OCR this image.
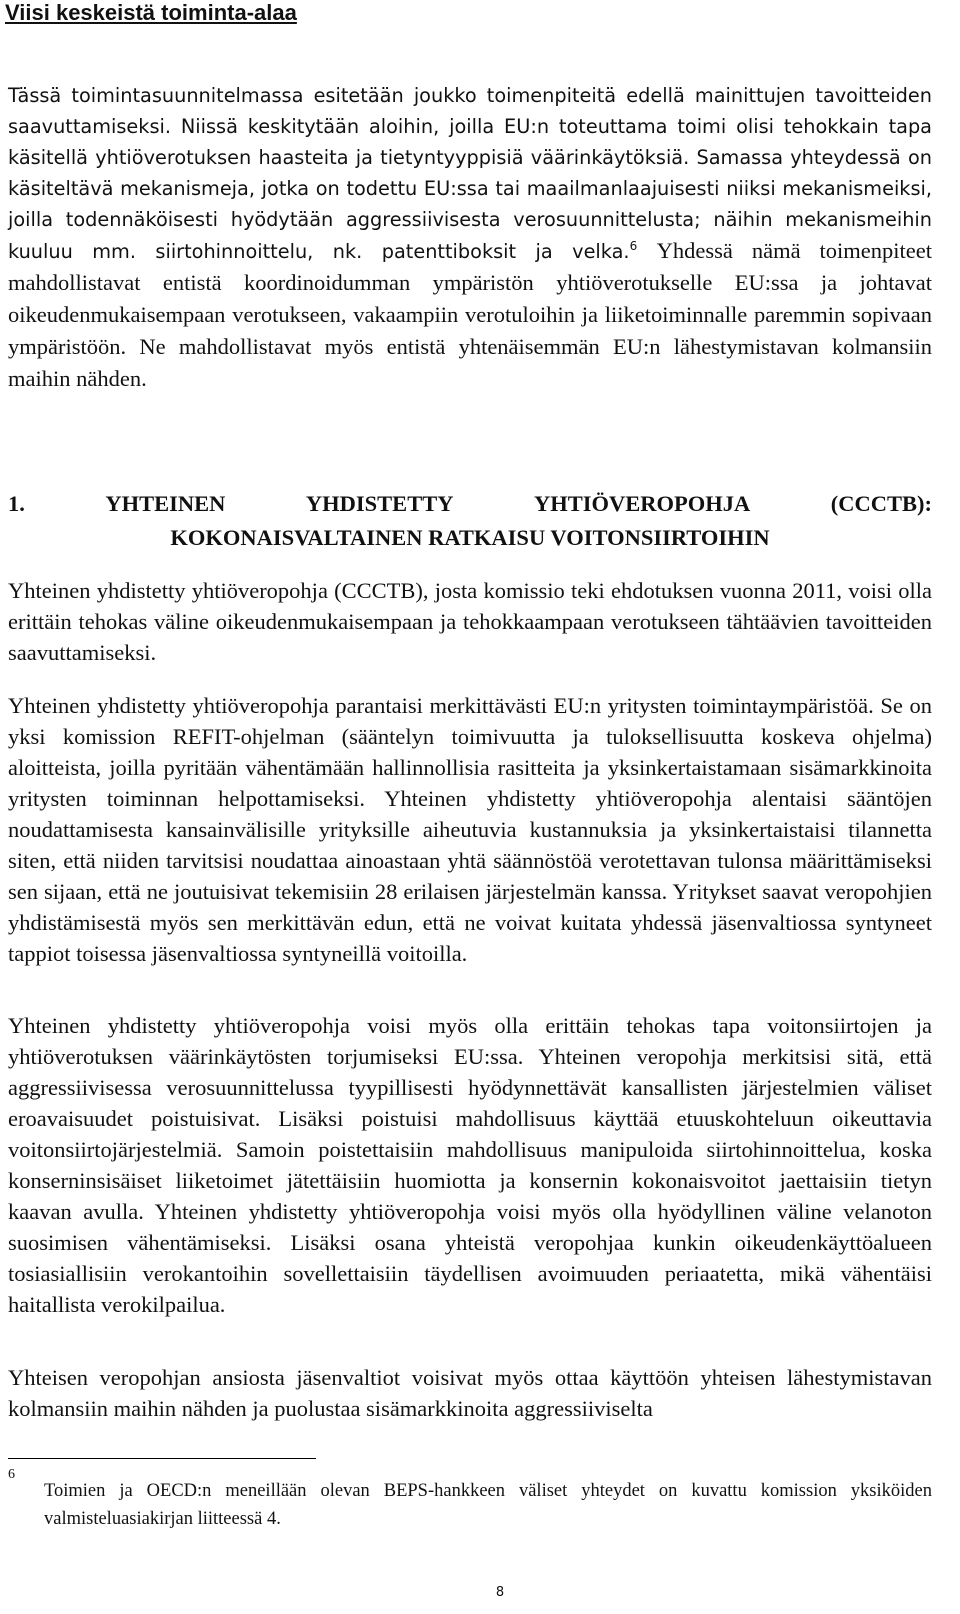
Viisi keskeistä toiminta-alaa

Tässä toimintasuunnitelmassa esitetään joukko toimenpiteitä edellä mainittujen tavoitteiden saavuttamiseksi. Niissä keskitytään aloihin, joilla EU:n toteuttama toimi olisi tehokkain tapa käsitellä yhtiöverotuksen haasteita ja tietyntyyppisiä väärinkäytöksiä. Samassa yhteydessä on käsiteltävä mekanismeja, jotka on todettu EU:ssa tai maailmanlaajuisesti niiksi mekanismeiksi, joilla todennäköisesti hyödytään aggressiivisesta verosuunnittelusta; näihin mekanismeihin kuuluu mm. siirtohinnoittelu, nk. patenttiboksit ja velka.$^6$ Yhdessä nämä toimenpiteet mahdollistavat entistä koordinoidumman ympäristön yhtiöverotukselle EU:ssa ja johtavat oikeudenmukaisempaan verotukseen, vakaampiin verotuloihin ja liiketoiminnalle paremmin sopivaan ympäristöön. Ne mahdollistavat myös entistä yhtenäisemmän EU:n lähestymistavan kolmansiin maihin nähden.

1.	YHTEINEN	YHDISTETTY	YHTIÖVEROPOHJA	(CCCTB):
KOKONAISVALTAINEN RATKAISU VOITONSIIRTOIHIN

Yhteinen yhdistetty yhtiöveropohja (CCCTB), josta komissio teki ehdotuksen vuonna 2011, voisi olla erittäin tehokas väline oikeudenmukaisempaan ja tehokkaampaan verotukseen tähtäävien tavoitteiden saavuttamiseksi.

Yhteinen yhdistetty yhtiöveropohja parantaisi merkittävästi EU:n yritysten toimintaympäristöä. Se on yksi komission REFIT-ohjelman (sääntelyn toimivuutta ja tuloksellisuutta koskeva ohjelma) aloitteista, joilla pyritään vähentämään hallinnollisia rasitteita ja yksinkertaistamaan sisämarkkinoita yritysten toiminnan helpottamiseksi. Yhteinen yhdistetty yhtiöveropohja alentaisi sääntöjen noudattamisesta kansainvälisille yrityksille aiheutuvia kustannuksia ja yksinkertaistaisi tilannetta siten, että niiden tarvitsisi noudattaa ainoastaan yhtä säännöstöä verotettavan tulonsa määrittämiseksi sen sijaan, että ne joutuisivat tekemisiin 28 erilaisen järjestelmän kanssa. Yritykset saavat veropohjien yhdistämisestä myös sen merkittävän edun, että ne voivat kuitata yhdessä jäsenvaltiossa syntyneet tappiot toisessa jäsenvaltiossa syntyneillä voitoilla.

Yhteinen yhdistetty yhtiöveropohja voisi myös olla erittäin tehokas tapa voitonsiirtojen ja yhtiöverotuksen väärinkäytösten torjumiseksi EU:ssa. Yhteinen veropohja merkitsisi sitä, että aggressiivisessa verosuunnittelussa tyypillisesti hyödynnettävät kansallisten järjestelmien väliset eroavaisuudet poistuisivat. Lisäksi poistuisi mahdollisuus käyttää etuuskohteluun oikeuttavia voitonsiirtojärjestelmiä. Samoin poistettaisiin mahdollisuus manipuloida siirtohinnoittelua, koska konserninsisäiset liiketoimet jätettäisiin huomiotta ja konsernin kokonaisvoitot jaettaisiin tietyn kaavan avulla. Yhteinen yhdistetty yhtiöveropohja voisi myös olla hyödyllinen väline velanoton suosimisen vähentämiseksi. Lisäksi osana yhteistä veropohjaa kunkin oikeudenkäyttöalueen tosiasiallisiin verokantoihin sovellettaisiin täydellisen avoimuuden periaatetta, mikä vähentäisi haitallista verokilpailua.

Yhteisen veropohjan ansiosta jäsenvaltiot voisivat myös ottaa käyttöön yhteisen lähestymistavan kolmansiin maihin nähden ja puolustaa sisämarkkinoita aggressiiviselta

6

Toimien ja OECD:n meneillään olevan BEPS-hankkeen väliset yhteydet on kuvattu komission yksiköiden valmisteluasiakirjan liitteessä 4.

8
